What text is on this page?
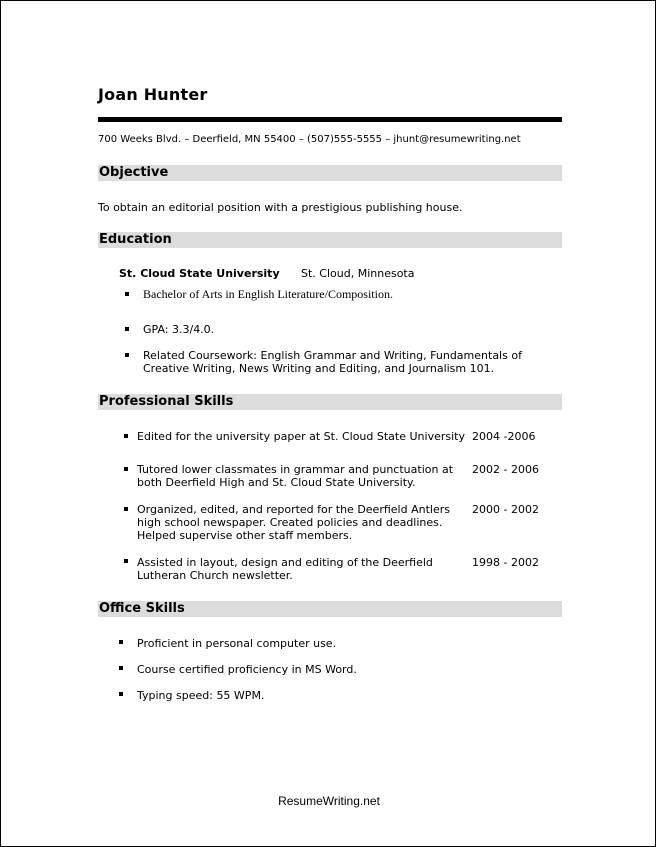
Joan Hunter
700 Weeks Blvd. – Deerfield, MN 55400 – (507)555-5555 – jhunt@resumewriting.net
Objective
To obtain an editorial position with a prestigious publishing house.
Education
St. Cloud State University St. Cloud, Minnesota
Bachelor of Arts in English Literature/Composition.
GPA: 3.3/4.0.
Related Coursework: English Grammar and Writing, Fundamentals of Creative Writing, News Writing and Editing, and Journalism 101.
Professional Skills
Edited for the university paper at St. Cloud State University 2004 -2006
Tutored lower classmates in grammar and punctuation at both Deerfield High and St. Cloud State University.
2002 - 2006
Organized, edited, and reported for the Deerfield Antlers high school newspaper. Created policies and deadlines. Helped supervise other staff members.
2000 - 2002
Assisted in layout, design and editing of the Deerfield Lutheran Church newsletter.
1998 - 2002
Office Skills
Proficient in personal computer use.
Course certified proficiency in MS Word.
Typing speed: 55 WPM.
ResumeWriting.net
